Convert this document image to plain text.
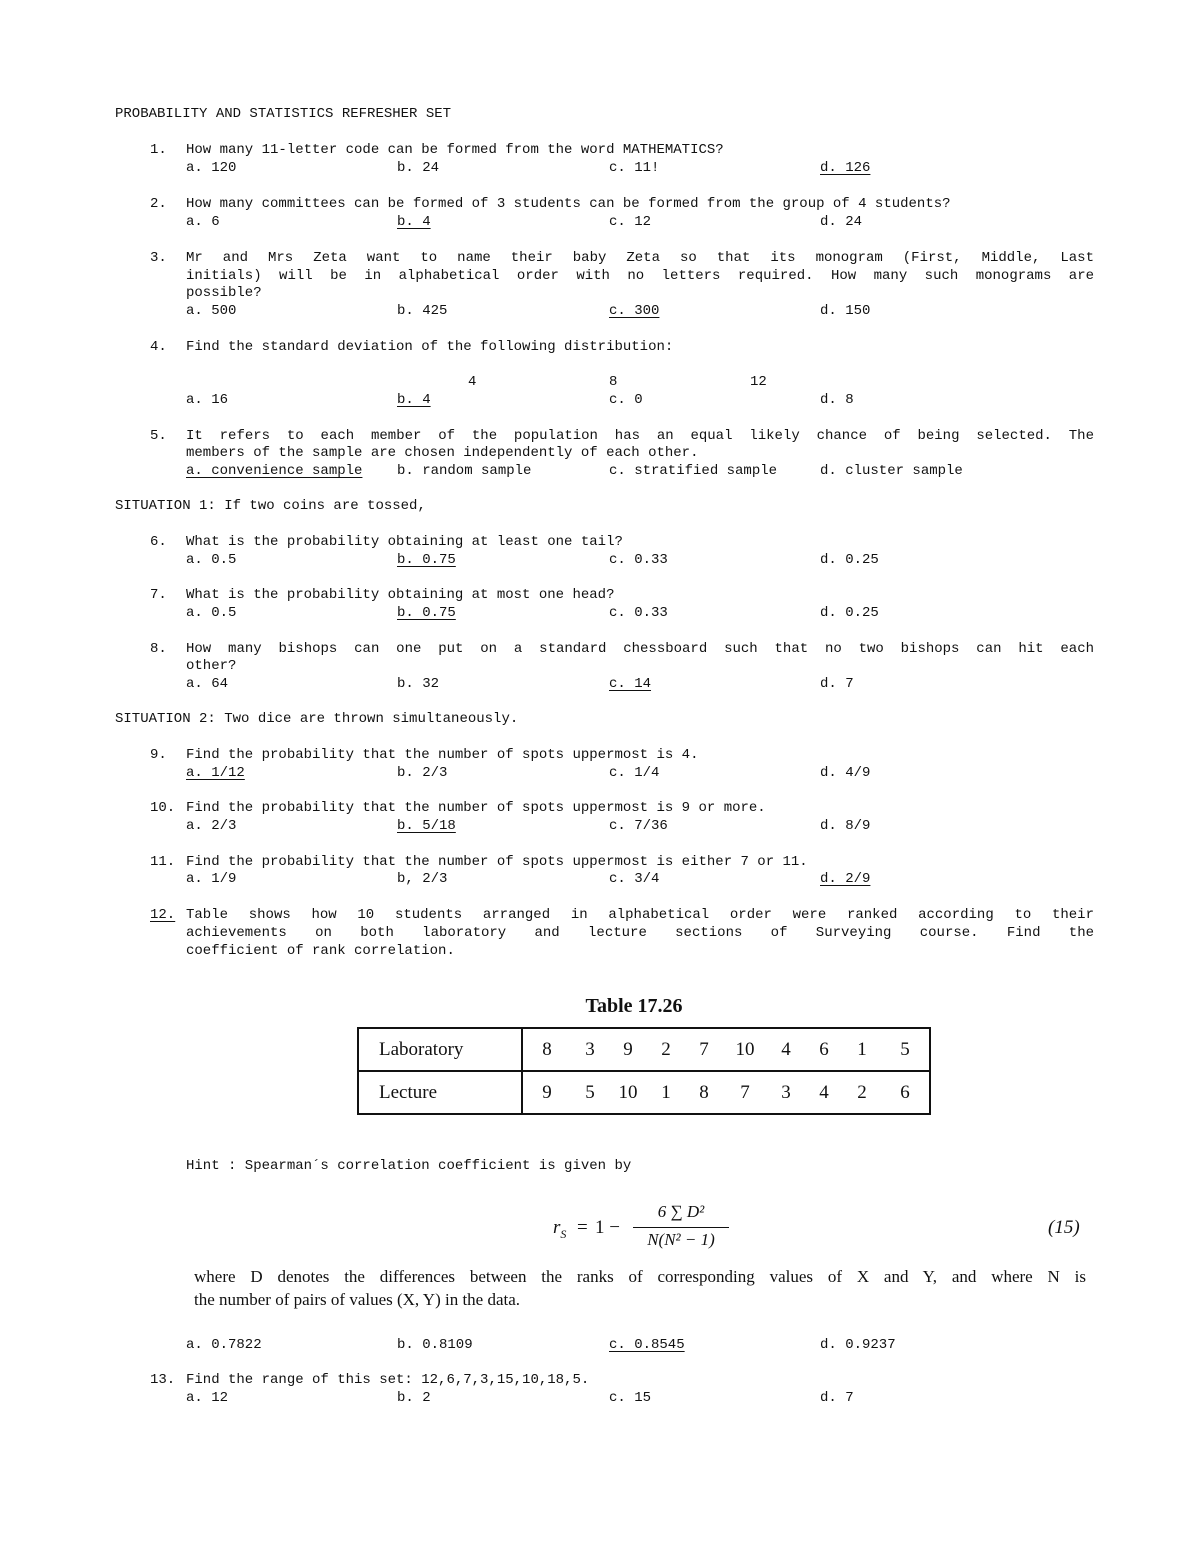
PROBABILITY AND STATISTICS REFRESHER SET
1. How many 11-letter code can be formed from the word MATHEMATICS?
a. 120	b. 24	c. 11!	d. 126
2. How many committees can be formed of 3 students can be formed from the group of 4 students?
a. 6	b. 4	c. 12	d. 24
3. Mr and Mrs Zeta want to name their baby Zeta so that its monogram (First, Middle, Last
initials) will be in alphabetical order with no letters required. How many such monograms are
possible?
a. 500	b. 425	c. 300	d. 150
4. Find the standard deviation of the following distribution:
4	8	12
a. 16	b. 4	c. 0	d. 8
5. It refers to each member of the population has an equal likely chance of being selected. The
members of the sample are chosen independently of each other.
a. convenience sample b. random sample	c. stratified sample	d. cluster sample
SITUATION 1: If two coins are tossed,
6. What is the probability obtaining at least one tail?
a. 0.5	b. 0.75	c. 0.33	d. 0.25
7. What is the probability obtaining at most one head?
a. 0.5	b. 0.75	c. 0.33	d. 0.25
8. How many bishops can one put on a standard chessboard such that no two bishops can hit each
other?
a. 64	b. 32	c. 14	d. 7
SITUATION 2: Two dice are thrown simultaneously.
9. Find the probability that the number of spots uppermost is 4.
a. 1/12	b. 2/3	c. 1/4	d. 4/9
10. Find the probability that the number of spots uppermost is 9 or more.
a. 2/3	b. 5/18	c. 7/36	d. 8/9
11. Find the probability that the number of spots uppermost is either 7 or 11.
a. 1/9	b, 2/3	c. 3/4	d. 2/9
12. Table shows how 10 students arranged in alphabetical order were ranked according to their
achievements on both laboratory and lecture sections of Surveying course. Find the
coefficient of rank correlation.
Table 17.26
Laboratory	8	3	9	2	7	10	4	6	1	5
Lecture	9	5	10	1	8	7	3	4	2	6
Hint : Spearman´s correlation coefficient is given by
$r_S = 1$ −
6 ∑ D²
N(N² − 1)
(15)
where D denotes the differences between the ranks of corresponding values of X and Y, and where N is
the number of pairs of values (X, Y) in the data.
a. 0.7822	b. 0.8109	c. 0.8545	d. 0.9237
13. Find the range of this set: 12,6,7,3,15,10,18,5.
a. 12	b. 2	c. 15	d. 7
